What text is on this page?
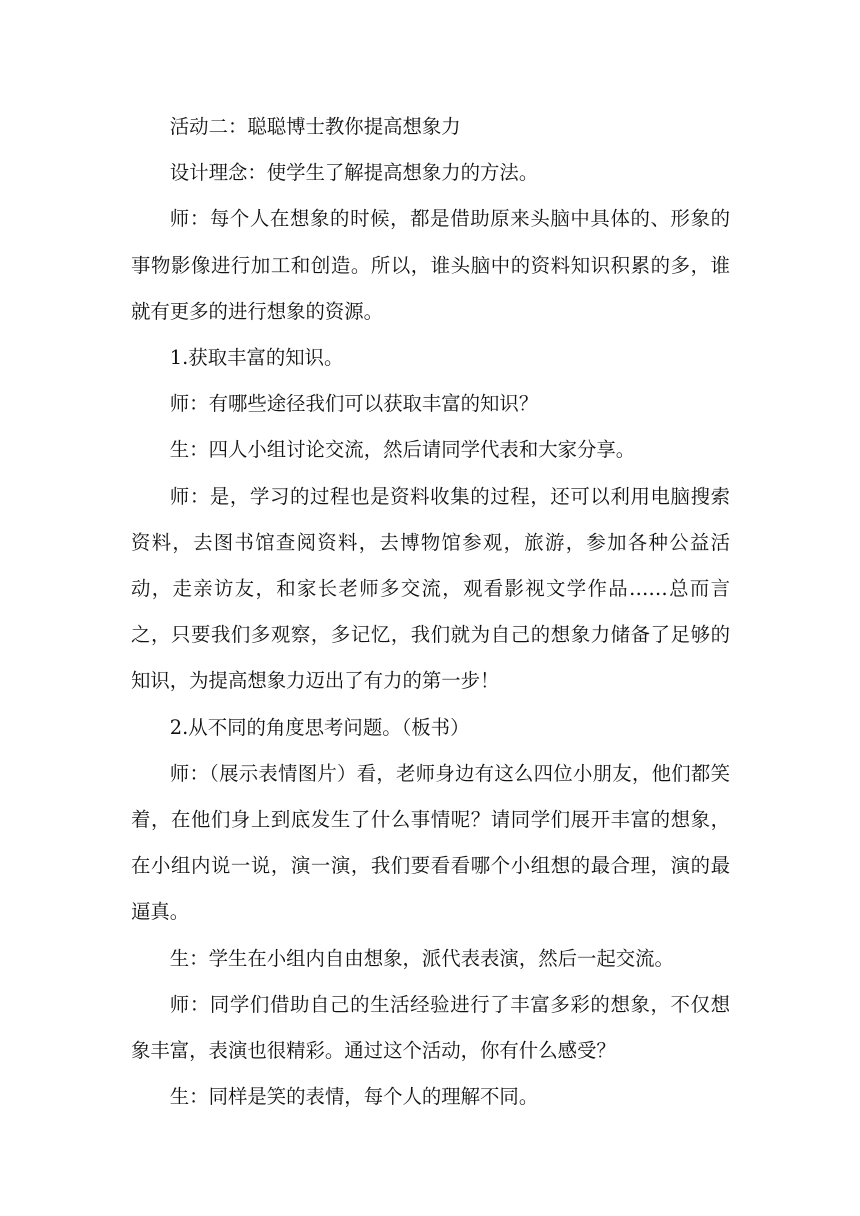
活动二：聪聪博士教你提高想象力

设计理念：使学生了解提高想象力的方法。

师：每个人在想象的时候，都是借助原来头脑中具体的、形象的事物影像进行加工和创造。所以，谁头脑中的资料知识积累的多，谁就有更多的进行想象的资源。

1.获取丰富的知识。

师：有哪些途径我们可以获取丰富的知识？

生：四人小组讨论交流，然后请同学代表和大家分享。

师：是，学习的过程也是资料收集的过程，还可以利用电脑搜索资料，去图书馆查阅资料，去博物馆参观，旅游，参加各种公益活动，走亲访友，和家长老师多交流，观看影视文学作品……总而言之，只要我们多观察，多记忆，我们就为自己的想象力储备了足够的知识，为提高想象力迈出了有力的第一步！

2.从不同的角度思考问题。（板书）

师：（展示表情图片）看，老师身边有这么四位小朋友，他们都笑着，在他们身上到底发生了什么事情呢？请同学们展开丰富的想象，在小组内说一说，演一演，我们要看看哪个小组想的最合理，演的最逼真。

生：学生在小组内自由想象，派代表表演，然后一起交流。

师：同学们借助自己的生活经验进行了丰富多彩的想象，不仅想象丰富，表演也很精彩。通过这个活动，你有什么感受？

生：同样是笑的表情，每个人的理解不同。
